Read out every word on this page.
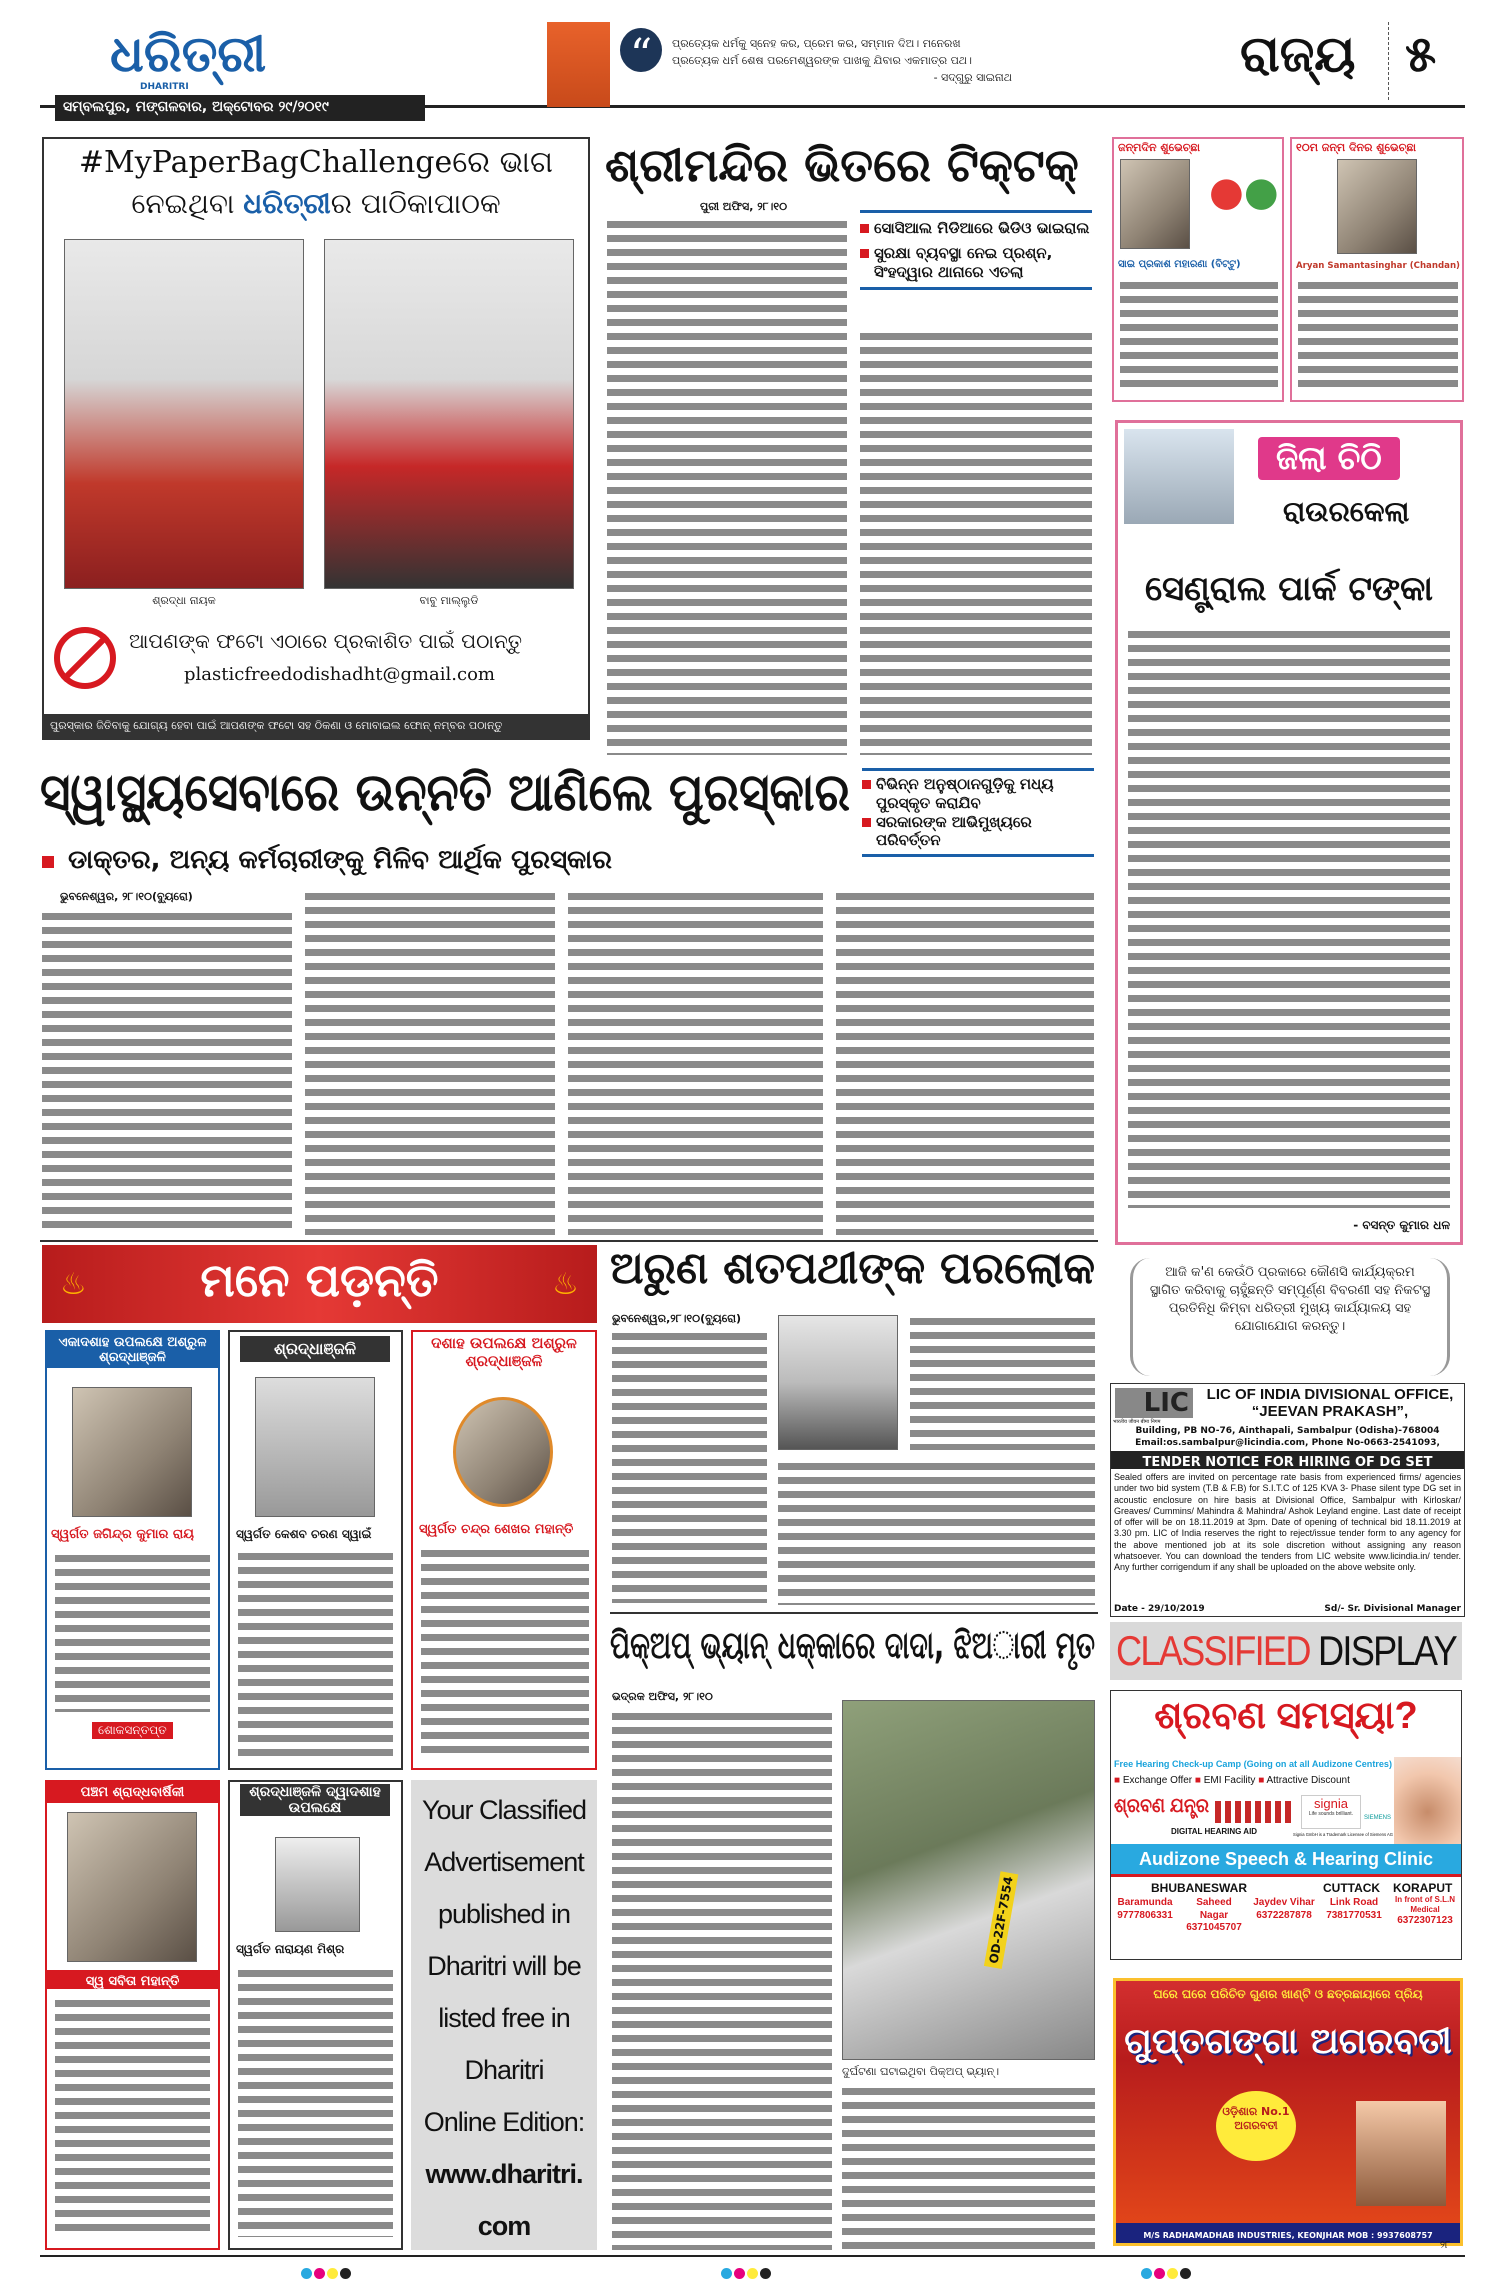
ଧରିତ୍ରୀ
DHARITRI
ସମ୍ବଲପୁର, ମଙ୍ଗଳବାର, ଅକ୍ଟୋବର ୨୯/୨୦୧୯
“	ପ୍ରତ୍ୟେକ ଧର୍ମକୁ ସ୍ନେହ କର, ପ୍ରେମ କର, ସମ୍ମାନ ଦିଅ। ମନେରଖ ପ୍ରତ୍ୟେକ ଧର୍ମ ଶେଷ ପରମେଶ୍ୱରଙ୍କ ପାଖକୁ ଯିବାର ଏକମାତ୍ର ପଥ।
- ସଦ୍‌ଗୁରୁ ସାଇନାଥ	ରାଜ୍ୟ ୫
#MyPaperBagChallengeରେ ଭାଗ
ନେଇଥିବା ଧରିତ୍ରୀର ପାଠିକାପାଠକ
ଶ୍ରଦ୍ଧା ନାୟକ	ବାବୁ ମାଲ୍ଲୁଡି
ଆପଣଙ୍କ ଫଟୋ ଏଠାରେ ପ୍ରକାଶିତ ପାଇଁ ପଠାନ୍ତୁ
plasticfreedodishadht@gmail.com
ପୁରସ୍କାର ଜିତିବାକୁ ଯୋଗ୍ୟ ହେବା ପାଇଁ ଆପଣଙ୍କ ଫଟୋ ସହ ଠିକଣା ଓ ମୋବାଇଲ ଫୋନ୍ ନମ୍ବର ପଠାନ୍ତୁ
ଶ୍ରୀମନ୍ଦିର ଭିତରେ ଟିକ୍‌ଟକ୍
ପୁରୀ ଅଫିସ, ୨୮।୧୦
ସୋସିଆଲ ମିଡିଆରେ ଭିଡିଓ ଭାଇରାଲ
ସୁରକ୍ଷା ବ୍ୟବସ୍ଥା ନେଇ ପ୍ରଶ୍ନ, ସିଂହଦ୍ୱାର ଥାନାରେ ଏତଲା
ଜନ୍ମଦିନ ଶୁଭେଚ୍ଛା
●●
ସାଇ ପ୍ରକାଶ ମହାରଣା (ବିଟ୍ଟୁ)
୧୦ମ ଜନ୍ମ ଦିନର ଶୁଭେଚ୍ଛା
Aryan Samantasinghar (Chandan)
ଜିଲା ଚିଠି
ରାଉରକେଲା
ସେଣ୍ଟ୍ରାଲ ପାର୍କ ଟଙ୍କା
- ବସନ୍ତ କୁମାର ଧଳ
ସ୍ୱାସ୍ଥ୍ୟସେବାରେ ଉନ୍ନତି ଆଣିଲେ ପୁରସ୍କାର	ବିଭିନ୍ନ ଅନୁଷ୍ଠାନଗୁଡ଼ିକୁ ମଧ୍ୟ ପୁରସ୍କୃତ କରାଯିବ
ସରକାରଙ୍କ ଆଭିମୁଖ୍ୟରେ ପରିବର୍ତ୍ତନ
ଡାକ୍ତର, ଅନ୍ୟ କର୍ମଚାରୀଙ୍କୁ ମିଳିବ ଆର୍ଥିକ ପୁରସ୍କାର
ଭୁବନେଶ୍ୱର, ୨୮।୧୦(ବ୍ୟୁରୋ)
♨ ମନେ ପଡ଼ନ୍ତି	♨
ଏକାଦଶାହ ଉପଲକ୍ଷେ ଅଶ୍ରୁଳ ଶ୍ରଦ୍ଧାଞ୍ଜଳି
ସ୍ୱର୍ଗତ ଜଗିନ୍ଦ୍ର କୁମାର ରାୟ
ଶୋକସନ୍ତପ୍ତ
ଶ୍ରଦ୍ଧାଞ୍ଜଳି
ସ୍ୱର୍ଗତ କେଶବ ଚରଣ ସ୍ୱାଇଁ
ଦଶାହ ଉପଲକ୍ଷେ ଅଶ୍ରୁଳ ଶ୍ରଦ୍ଧାଞ୍ଜଳି
ସ୍ୱର୍ଗତ ଚନ୍ଦ୍ର ଶେଖର ମହାନ୍ତି
ପଞ୍ଚମ ଶ୍ରାଦ୍ଧବାର୍ଷିକୀ
ସ୍ୱ ସବିତା ମହାନ୍ତି
ଶ୍ରଦ୍ଧାଞ୍ଜଳି ଦ୍ୱାଦଶାହ ଉପଲକ୍ଷେ
ସ୍ୱର୍ଗତ ନାରାୟଣ ମିଶ୍ର
Your Classified
Advertisement
published in
Dharitri will be
listed free in
Dharitri
Online Edition:
www.dharitri.
com
ଅରୁଣ ଶତପଥୀଙ୍କ ପରଲୋକ
ଭୁବନେଶ୍ୱର,୨୮।୧୦(ବ୍ୟୁରୋ)
ପିକ୍‌ଅପ୍ ଭ୍ୟାନ୍ ଧକ୍କାରେ ଦାଦା, ଝିଅାରୀ ମୃତ
ଭଦ୍ରକ ଅଫିସ, ୨୮।୧୦
OD-22F-7554
ଦୁର୍ଘଟଣା ଘଟାଇଥିବା ପିକ୍‌ଅପ୍ ଭ୍ୟାନ୍।
ଆଜି କ'ଣ କେଉଁଠି ପ୍ରକାରେ କୌଣସି କାର୍ଯ୍ୟକ୍ରମ ସ୍ଥାଗିତ କରିବାକୁ ଚାହୁଁଛନ୍ତି ସମ୍ପୂର୍ଣ୍ଣ ବିବରଣୀ ସହ ନିକଟସ୍ଥ ପ୍ରତିନିଧି କିମ୍ବା ଧରିତ୍ରୀ ମୁଖ୍ୟ କାର୍ଯ୍ୟାଳୟ ସହ ଯୋଗାଯୋଗ କରନ୍ତୁ।
LIC
भारतीय जीवन बीमा निगम
LIC OF INDIA DIVISIONAL OFFICE, “JEEVAN PRAKASH”,
Building, PB NO-76, Ainthapali, Sambalpur (Odisha)-768004
Email:os.sambalpur@licindia.com, Phone No-0663-2541093,
TENDER NOTICE FOR HIRING OF DG SET

Sealed offers are invited on percentage rate basis from experienced firms/ agencies under two bid system (T.B & F.B) for S.I.T.C of 125 KVA 3- Phase silent type DG set in acoustic enclosure on hire basis at Divisional Office, Sambalpur with Kirloskar/ Greaves/ Cummins/ Mahindra & Mahindra/ Ashok Leyland engine. Last date of receipt of offer will be on 18.11.2019 at 3pm. Date of opening of technical bid 18.11.2019 at 3.30 pm. LIC of India reserves the right to reject/issue tender form to any agency for the above mentioned job at its sole discretion without assigning any reason whatsoever. You can download the tenders from LIC website www.licindia.in/ tender. Any further corrigendum if any shall be uploaded on the above website only.

Date - 29/10/2019	Sd/- Sr. Divisional Manager
CLASSIFIED DISPLAY
ଶ୍ରବଣ ସମସ୍ୟା?
Free Hearing Check-up Camp (Going on at all Audizone Centres)
■ Exchange Offer ■ EMI Facility ■ Attractive Discount
ଶ୍ରବଣ ଯନ୍ତ୍ର
DIGITAL HEARING AID
signia
Life sounds brilliant.
SIEMENS
Signia GmbH is a Trademark Licensee of Siemens AG
Audizone Speech & Hearing Clinic
BHUBANESWAR	CUTTACK KORAPUT
Baramunda
9777806331
Saheed Nagar
6371045707
Jaydev Vihar
6372287878
Link Road
7381770531
In front of S.L.N Medical
6372307123
ଘରେ ଘରେ ପରିଚିତ ଗୁଣର ଖାଣ୍ଟି ଓ ଛତ୍ରଛାୟାରେ ପ୍ରିୟ
ଗୁପ୍ତଗଙ୍ଗା ଅଗରବତୀ
ଓଡ଼ିଶାର No.1 ଅଗରବତୀ
M/S RADHAMADHAB INDUSTRIES, KEONJHAR MOB : 9937608757
୨୮
